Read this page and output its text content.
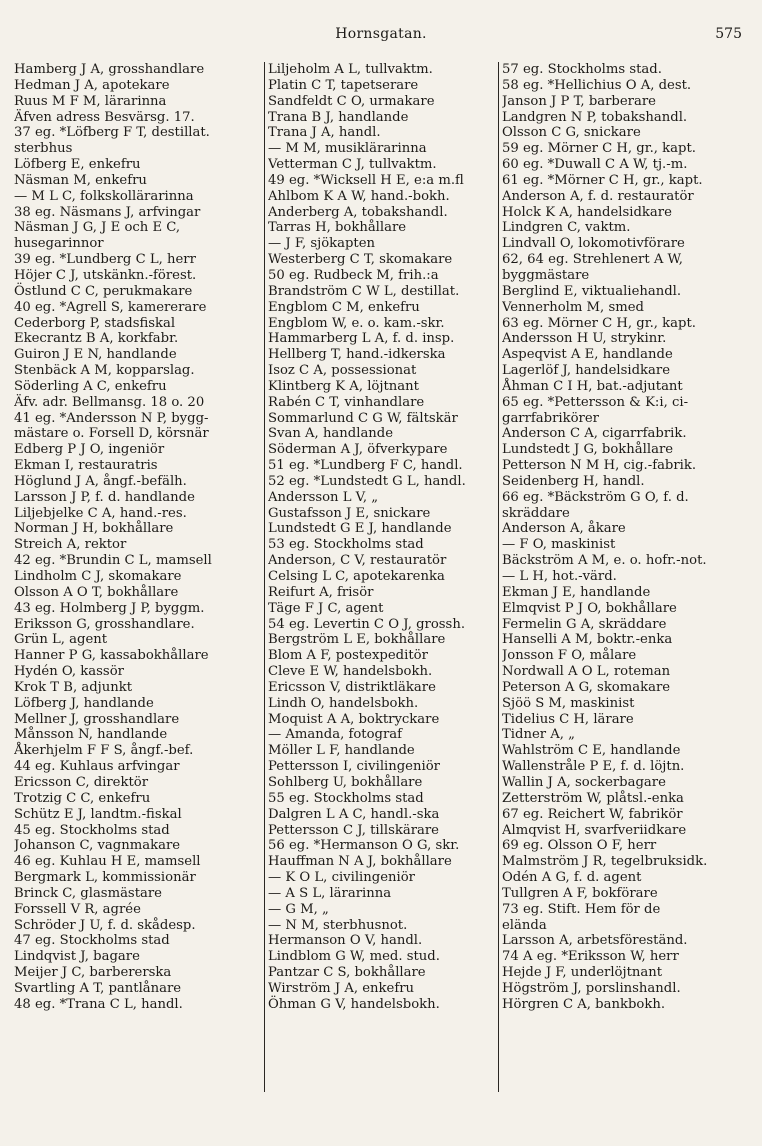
Hornsgatan.	575
Hamberg J A, grosshandlare
Hedman J A, apotekare
Ruus M F M, lärarinna
Äfven adress Besvärsg. 17.
37 eg. *Löfberg F T, destillat.
sterbhus
Löfberg E, enkefru
Näsman M, enkefru
— M L C, folkskollärarinna
38 eg. Näsmans J, arfvingar
Näsman J G, J E och E C,
husegarinnor
39 eg. *Lundberg C L, herr
Höjer C J, utskänkn.-förest.
Östlund C C, perukmakare
40 eg. *Agrell S, kamererare
Cederborg P, stadsfiskal
Ekecrantz B A, korkfabr.
Guiron J E N, handlande
Stenbäck A M, kopparslag.
Söderling A C, enkefru
Äfv. adr. Bellmansg. 18 o. 20
41 eg. *Andersson N P, bygg-
mästare o. Forsell D, körsnär
Edberg P J O, ingeniör
Ekman I, restauratris
Höglund J A, ångf.-befälh.
Larsson J P, f. d. handlande
Liljebjelke C A, hand.-res.
Norman J H, bokhållare
Streich A, rektor
42 eg. *Brundin C L, mamsell
Lindholm C J, skomakare
Olsson A O T, bokhållare
43 eg. Holmberg J P, byggm.
Eriksson G, grosshandlare.
Grün L, agent
Hanner P G, kassabokhållare
Hydén O, kassör
Krok T B, adjunkt
Löfberg J, handlande
Mellner J, grosshandlare
Månsson N, handlande
Åkerhjelm F F S, ångf.-bef.
44 eg. Kuhlaus arfvingar
Ericsson C, direktör
Trotzig C C, enkefru
Schütz E J, landtm.-fiskal
45 eg. Stockholms stad
Johanson C, vagnmakare
46 eg. Kuhlau H E, mamsell
Bergmark L, kommissionär
Brinck C, glasmästare
Forssell V R, agrée
Schröder J U, f. d. skådesp.
47 eg. Stockholms stad
Lindqvist J, bagare
Meijer J C, barbererska
Svartling A T, pantlånare
48 eg. *Trana C L, handl.
Liljeholm A L, tullvaktm.
Platin C T, tapetserare
Sandfeldt C O, urmakare
Trana B J, handlande
Trana J A, handl.
— M M, musiklärarinna
Vetterman C J, tullvaktm.
49 eg. *Wicksell H E, e:a m.fl
Ahlbom K A W, hand.-bokh.
Anderberg A, tobakshandl.
Tarras H, bokhållare
— J F, sjökapten
Westerberg C T, skomakare
50 eg. Rudbeck M, frih.:a
Brandström C W L, destillat.
Engblom C M, enkefru
Engblom W, e. o. kam.-skr.
Hammarberg L A, f. d. insp.
Hellberg T, hand.-idkerska
Isoz C A, possessionat
Klintberg K A, löjtnant
Rabén C T, vinhandlare
Sommarlund C G W, fältskär
Svan A, handlande
Söderman A J, öfverkypare
51 eg. *Lundberg F C, handl.
52 eg. *Lundstedt G L, handl.
Andersson L V, „
Gustafsson J E, snickare
Lundstedt G E J, handlande
53 eg. Stockholms stad
Anderson, C V, restauratör
Celsing L C, apotekarenka
Reifurt A, frisör
Täge F J C, agent
54 eg. Levertin C O J, grossh.
Bergström L E, bokhållare
Blom A F, postexpeditör
Cleve E W, handelsbokh.
Ericsson V, distriktläkare
Lindh O, handelsbokh.
Moquist A A, boktryckare
— Amanda, fotograf
Möller L F, handlande
Pettersson I, civilingeniör
Sohlberg U, bokhållare
55 eg. Stockholms stad
Dalgren L A C, handl.-ska
Pettersson C J, tillskärare
56 eg. *Hermanson O G, skr.
Hauffman N A J, bokhållare
— K O L, civilingeniör
— A S L, lärarinna
— G M, „
— N M, sterbhusnot.
Hermanson O V, handl.
Lindblom G W, med. stud.
Pantzar C S, bokhållare
Wirström J A, enkefru
Öhman G V, handelsbokh.
57 eg. Stockholms stad.
58 eg. *Hellichius O A, dest.
Janson J P T, barberare
Landgren N P, tobakshandl.
Olsson C G, snickare
59 eg. Mörner C H, gr., kapt.
60 eg. *Duwall C A W, tj.-m.
61 eg. *Mörner C H, gr., kapt.
Anderson A, f. d. restauratör
Holck K A, handelsidkare
Lindgren C, vaktm.
Lindvall O, lokomotivförare
62, 64 eg. Strehlenert A W,
byggmästare
Berglind E, viktualiehandl.
Vennerholm M, smed
63 eg. Mörner C H, gr., kapt.
Andersson H U, strykinr.
Aspeqvist A E, handlande
Lagerlöf J, handelsidkare
Åhman C I H, bat.-adjutant
65 eg. *Pettersson & K:i, ci-
garrfabrikörer
Anderson C A, cigarrfabrik.
Lundstedt J G, bokhållare
Petterson N M H, cig.-fabrik.
Seidenberg H, handl.
66 eg. *Bäckström G O, f. d.
skräddare
Anderson A, åkare
— F O, maskinist
Bäckström A M, e. o. hofr.-not.
— L H, hot.-värd.
Ekman J E, handlande
Elmqvist P J O, bokhållare
Fermelin G A, skräddare
Hanselli A M, boktr.-enka
Jonsson F O, målare
Nordwall A O L, roteman
Peterson A G, skomakare
Sjöö S M, maskinist
Tidelius C H, lärare
Tidner A, „
Wahlström C E, handlande
Wallenstråle P E, f. d. löjtn.
Wallin J A, sockerbagare
Zetterström W, plåtsl.-enka
67 eg. Reichert W, fabrikör
Almqvist H, svarfveriidkare
69 eg. Olsson O F, herr
Malmström J R, tegelbruksidk.
Odén A G, f. d. agent
Tullgren A F, bokförare
73 eg. Stift. Hem för de
elända
Larsson A, arbetsföreständ.
74 A eg. *Eriksson W, herr
Hejde J F, underlöjtnant
Högström J, porslinshandl.
Hörgren C A, bankbokh.
